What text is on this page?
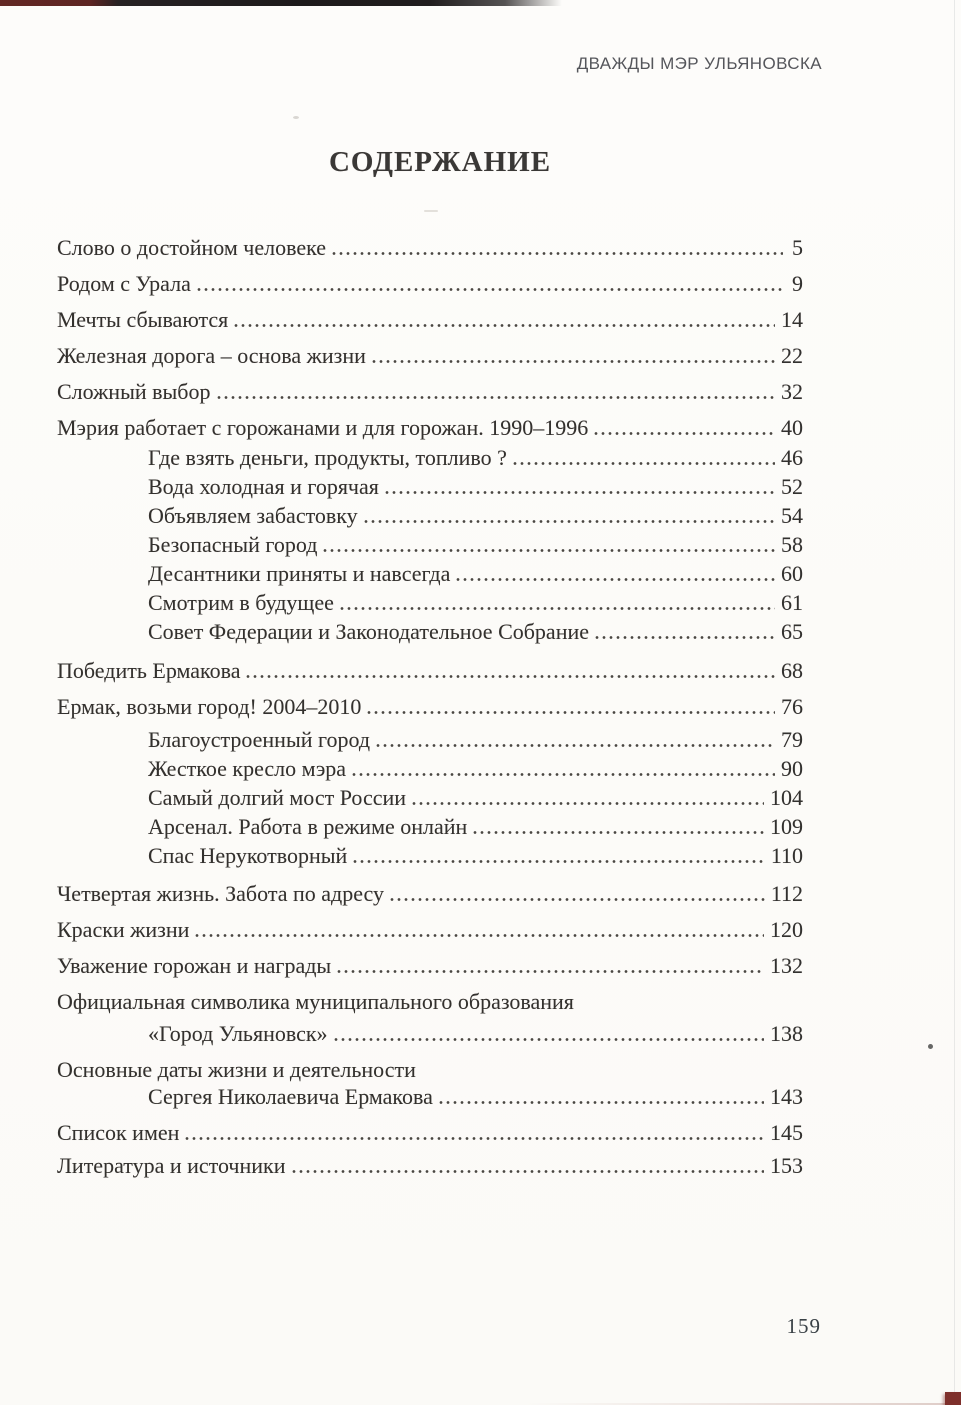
ДВАЖДЫ МЭР УЛЬЯНОВСКА
СОДЕРЖАНИЕ
Слово о достойном человеке	5
Родом с Урала	9
Мечты сбываются	14
Железная дорога – основа жизни	22
Сложный выбор	32
Мэрия работает с горожанами и для горожан. 1990–1996	40
Где взять деньги, продукты, топливо ?	46
Вода холодная и горячая	52
Объявляем забастовку	54
Безопасный город	58
Десантники приняты и навсегда	60
Смотрим в будущее	61
Совет Федерации и Законодательное Собрание	65
Победить Ермакова	68
Ермак, возьми город! 2004–2010	76
Благоустроенный город	79
Жесткое кресло мэра	90
Самый долгий мост России	104
Арсенал. Работа в режиме онлайн	109
Спас Нерукотворный	110
Четвертая жизнь. Забота по адресу	112
Краски жизни	120
Уважение горожан и награды	132
Официальная символика муниципального образования
«Город Ульяновск»	138
Основные даты жизни и деятельности
Сергея Николаевича Ермакова	143
Список имен	145
Литература и источники	153
159
